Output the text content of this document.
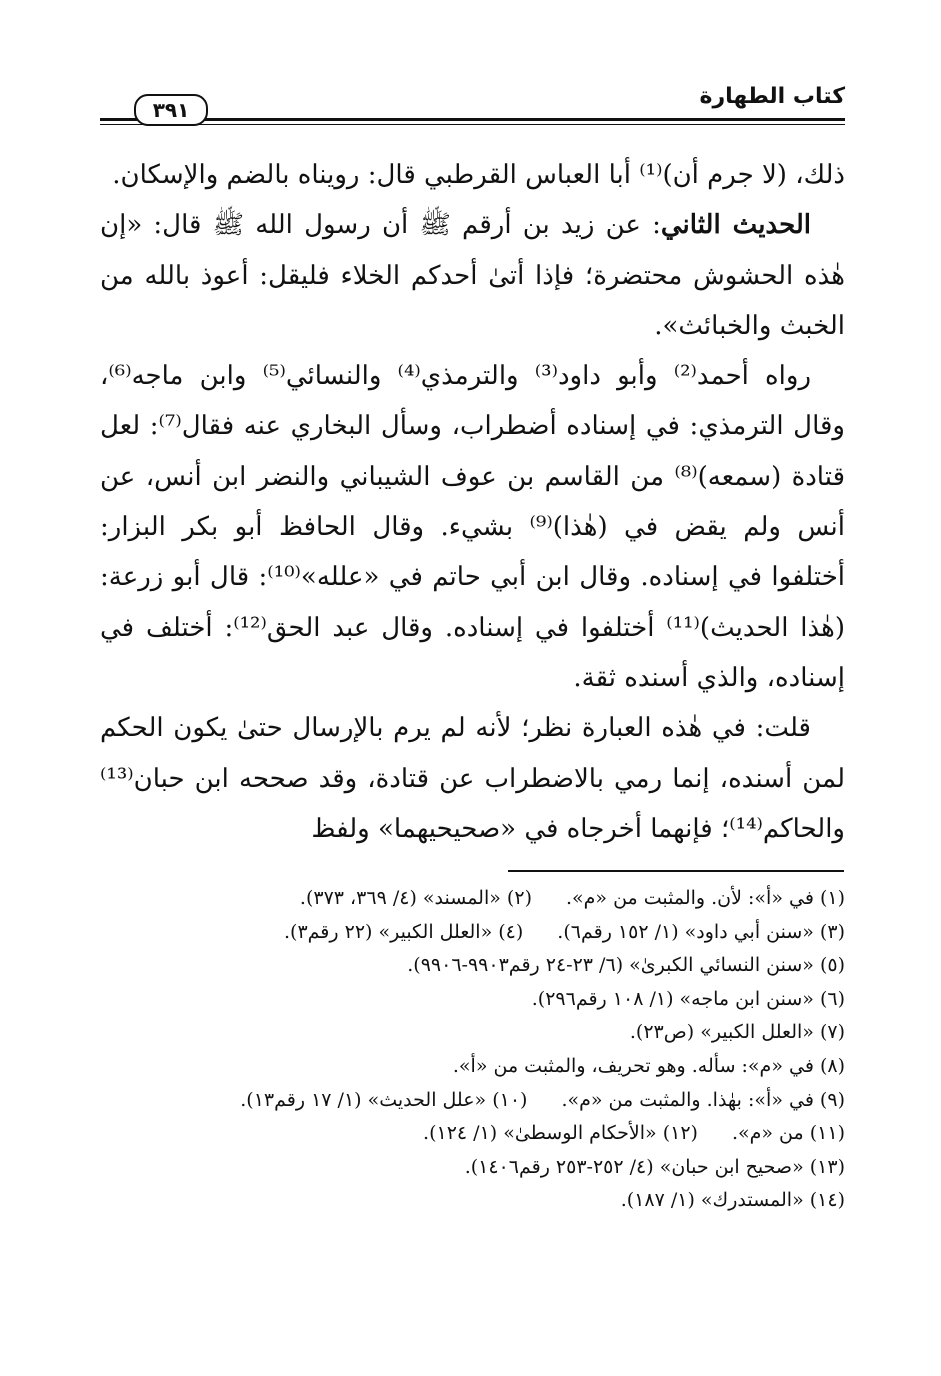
كتاب الطهارة
٣٩١

ذلك، (لا جرم أن)⁽¹⁾ أبا العباس القرطبي قال: رويناه بالضم والإسكان.

الحديث الثاني: عن زيد بن أرقم ﷺ أن رسول الله ﷺ قال: «إن هٰذه الحشوش محتضرة؛ فإذا أتىٰ أحدكم الخلاء فليقل: أعوذ بالله من الخبث والخبائث».

رواه أحمد⁽²⁾ وأبو داود⁽³⁾ والترمذي⁽⁴⁾ والنسائي⁽⁵⁾ وابن ماجه⁽⁶⁾، وقال الترمذي: في إسناده أضطراب، وسأل البخاري عنه فقال⁽⁷⁾: لعل قتادة (سمعه)⁽⁸⁾ من القاسم بن عوف الشيباني والنضر ابن أنس، عن أنس ولم يقض في (هٰذا)⁽⁹⁾ بشيء. وقال الحافظ أبو بكر البزار: أختلفوا في إسناده. وقال ابن أبي حاتم في «علله»⁽¹⁰⁾: قال أبو زرعة: (هٰذا الحديث)⁽¹¹⁾ أختلفوا في إسناده. وقال عبد الحق⁽¹²⁾: أختلف في إسناده، والذي أسنده ثقة.

قلت: في هٰذه العبارة نظر؛ لأنه لم يرم بالإرسال حتىٰ يكون الحكم لمن أسنده، إنما رمي بالاضطراب عن قتادة، وقد صححه ابن حبان⁽¹³⁾ والحاكم⁽¹⁴⁾؛ فإنهما أخرجاه في «صحيحيهما» ولفظ

(١) في «أ»: لأن. والمثبت من «م».
(٢) «المسند» (٤/ ٣٦٩، ٣٧٣).
(٣) «سنن أبي داود» (١/ ١٥٢ رقم٦).
(٤) «العلل الكبير» (٢٢ رقم٣).
(٥) «سنن النسائي الكبرىٰ» (٦/ ٢٣-٢٤ رقم٩٩٠٣-٩٩٠٦).
(٦) «سنن ابن ماجه» (١/ ١٠٨ رقم٢٩٦).
(٧) «العلل الكبير» (ص٢٣).
(٨) في «م»: سأله. وهو تحريف، والمثبت من «أ».
(٩) في «أ»: بهٰذا. والمثبت من «م».
(١٠) «علل الحديث» (١/ ١٧ رقم١٣).
(١١) من «م».
(١٢) «الأحكام الوسطىٰ» (١/ ١٢٤).
(١٣) «صحيح ابن حبان» (٤/ ٢٥٢-٢٥٣ رقم١٤٠٦).
(١٤) «المستدرك» (١/ ١٨٧).
